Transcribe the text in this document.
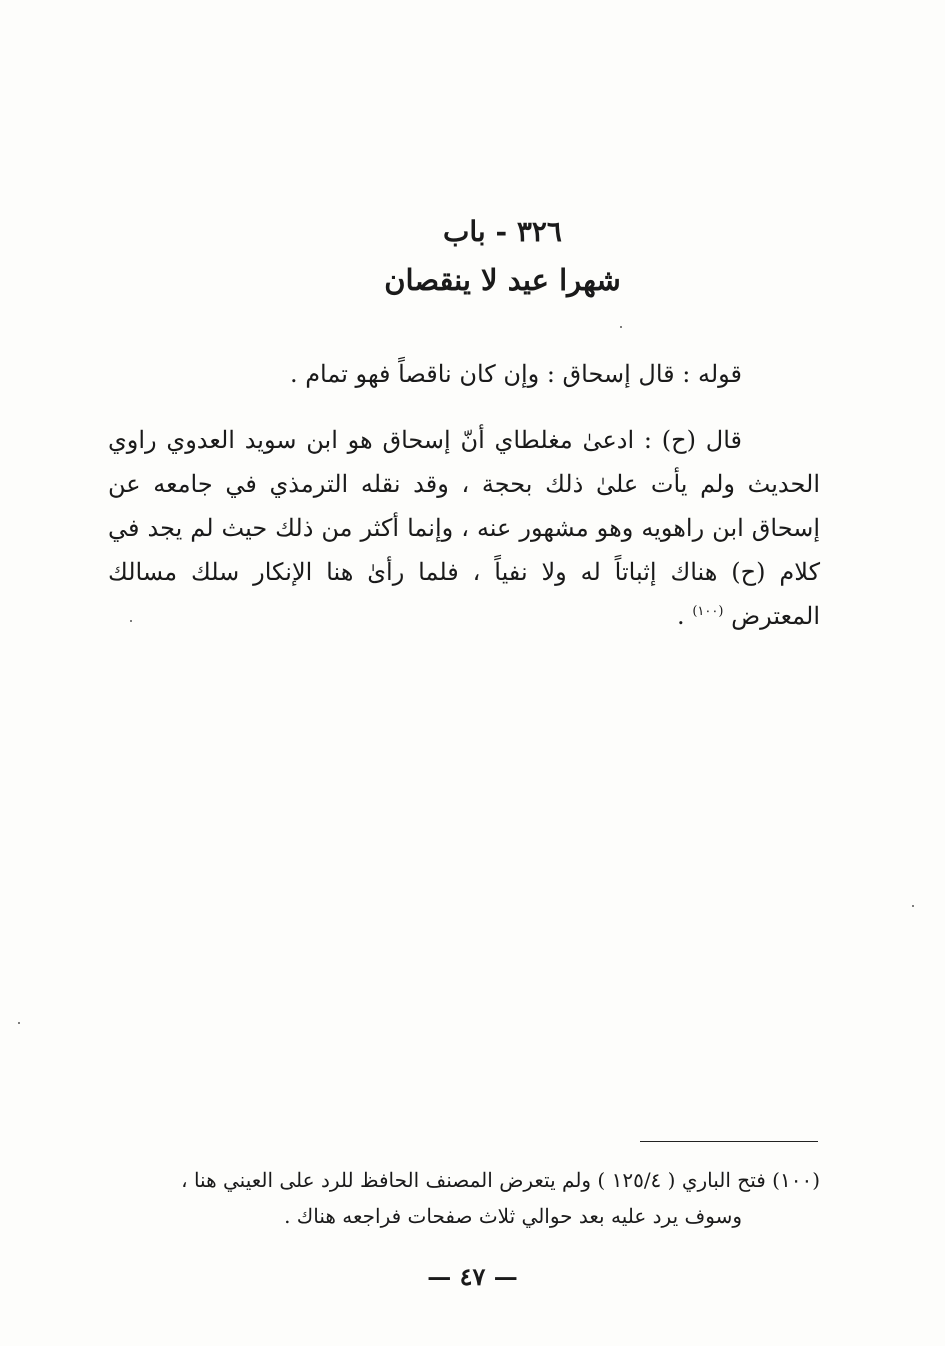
٣٢٦ - باب
شهرا عيد لا ينقصان

قوله : قال إسحاق : وإن كان ناقصاً فهو تمام .

قال (ح) : ادعىٰ مغلطاي أنّ إسحاق هو ابن سويد العدوي راوي الحديث ولم يأت علىٰ ذلك بحجة ، وقد نقله الترمذي في جامعه عن إسحاق ابن راهويه وهو مشهور عنه ، وإنما أكثر من ذلك حيث لم يجد في كلام (ح) هناك إثباتاً له ولا نفياً ، فلما رأىٰ هنا الإنكار سلك مسالك المعترض $^{(١٠٠)}$ .

(١٠٠) فتح الباري ( ١٢٥/٤ ) ولم يتعرض المصنف الحافظ للرد على العيني هنا ،

وسوف يرد عليه بعد حوالي ثلاث صفحات فراجعه هناك .

— ٤٧ —
